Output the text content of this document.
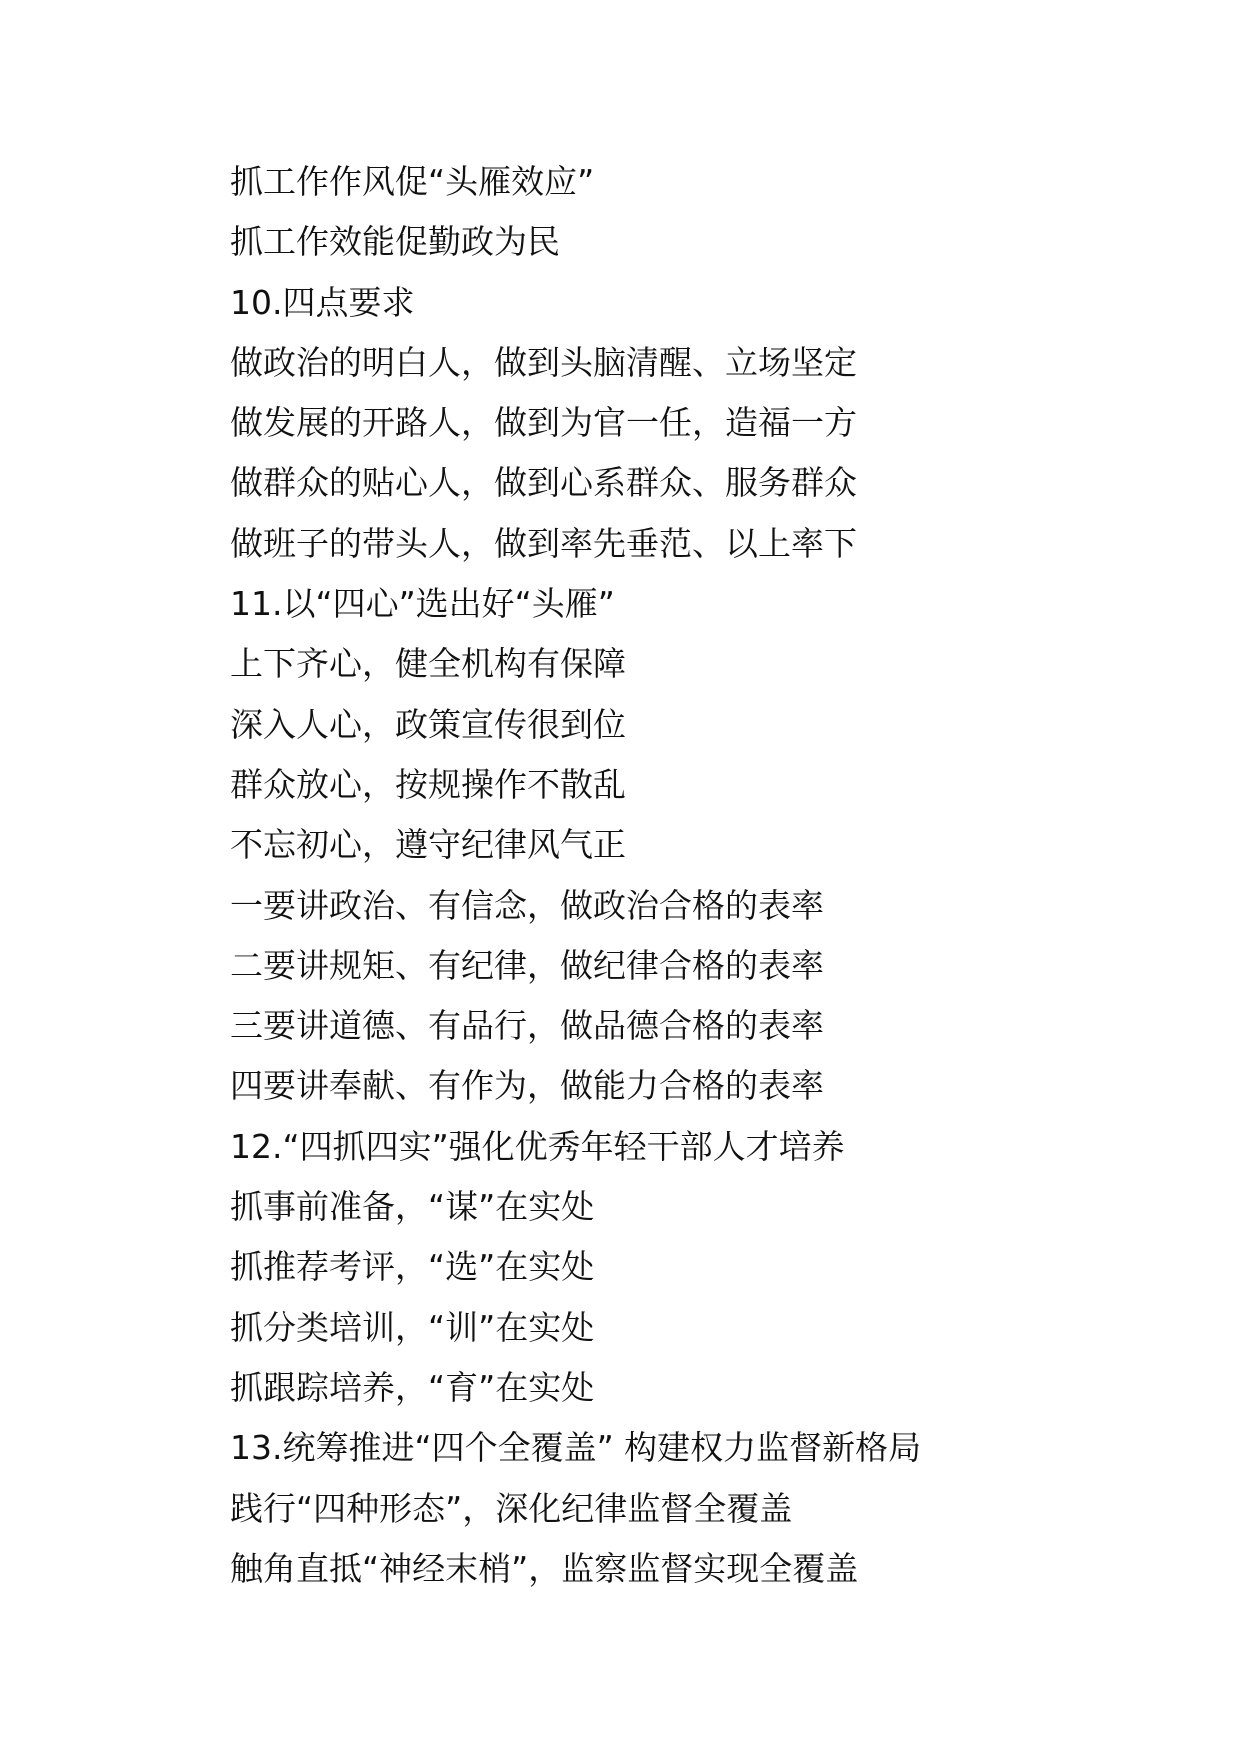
抓工作作风促“头雁效应”
抓工作效能促勤政为民
10.四点要求
做政治的明白人，做到头脑清醒、立场坚定
做发展的开路人，做到为官一任，造福一方
做群众的贴心人，做到心系群众、服务群众
做班子的带头人，做到率先垂范、以上率下
11.以“四心”选出好“头雁”
上下齐心，健全机构有保障
深入人心，政策宣传很到位
群众放心，按规操作不散乱
不忘初心，遵守纪律风气正
一要讲政治、有信念，做政治合格的表率
二要讲规矩、有纪律，做纪律合格的表率
三要讲道德、有品行，做品德合格的表率
四要讲奉献、有作为，做能力合格的表率
12.“四抓四实”强化优秀年轻干部人才培养
抓事前准备，“谋”在实处
抓推荐考评，“选”在实处
抓分类培训，“训”在实处
抓跟踪培养，“育”在实处
13.统筹推进“四个全覆盖” 构建权力监督新格局
践行“四种形态”，深化纪律监督全覆盖
触角直抵“神经末梢”，监察监督实现全覆盖
